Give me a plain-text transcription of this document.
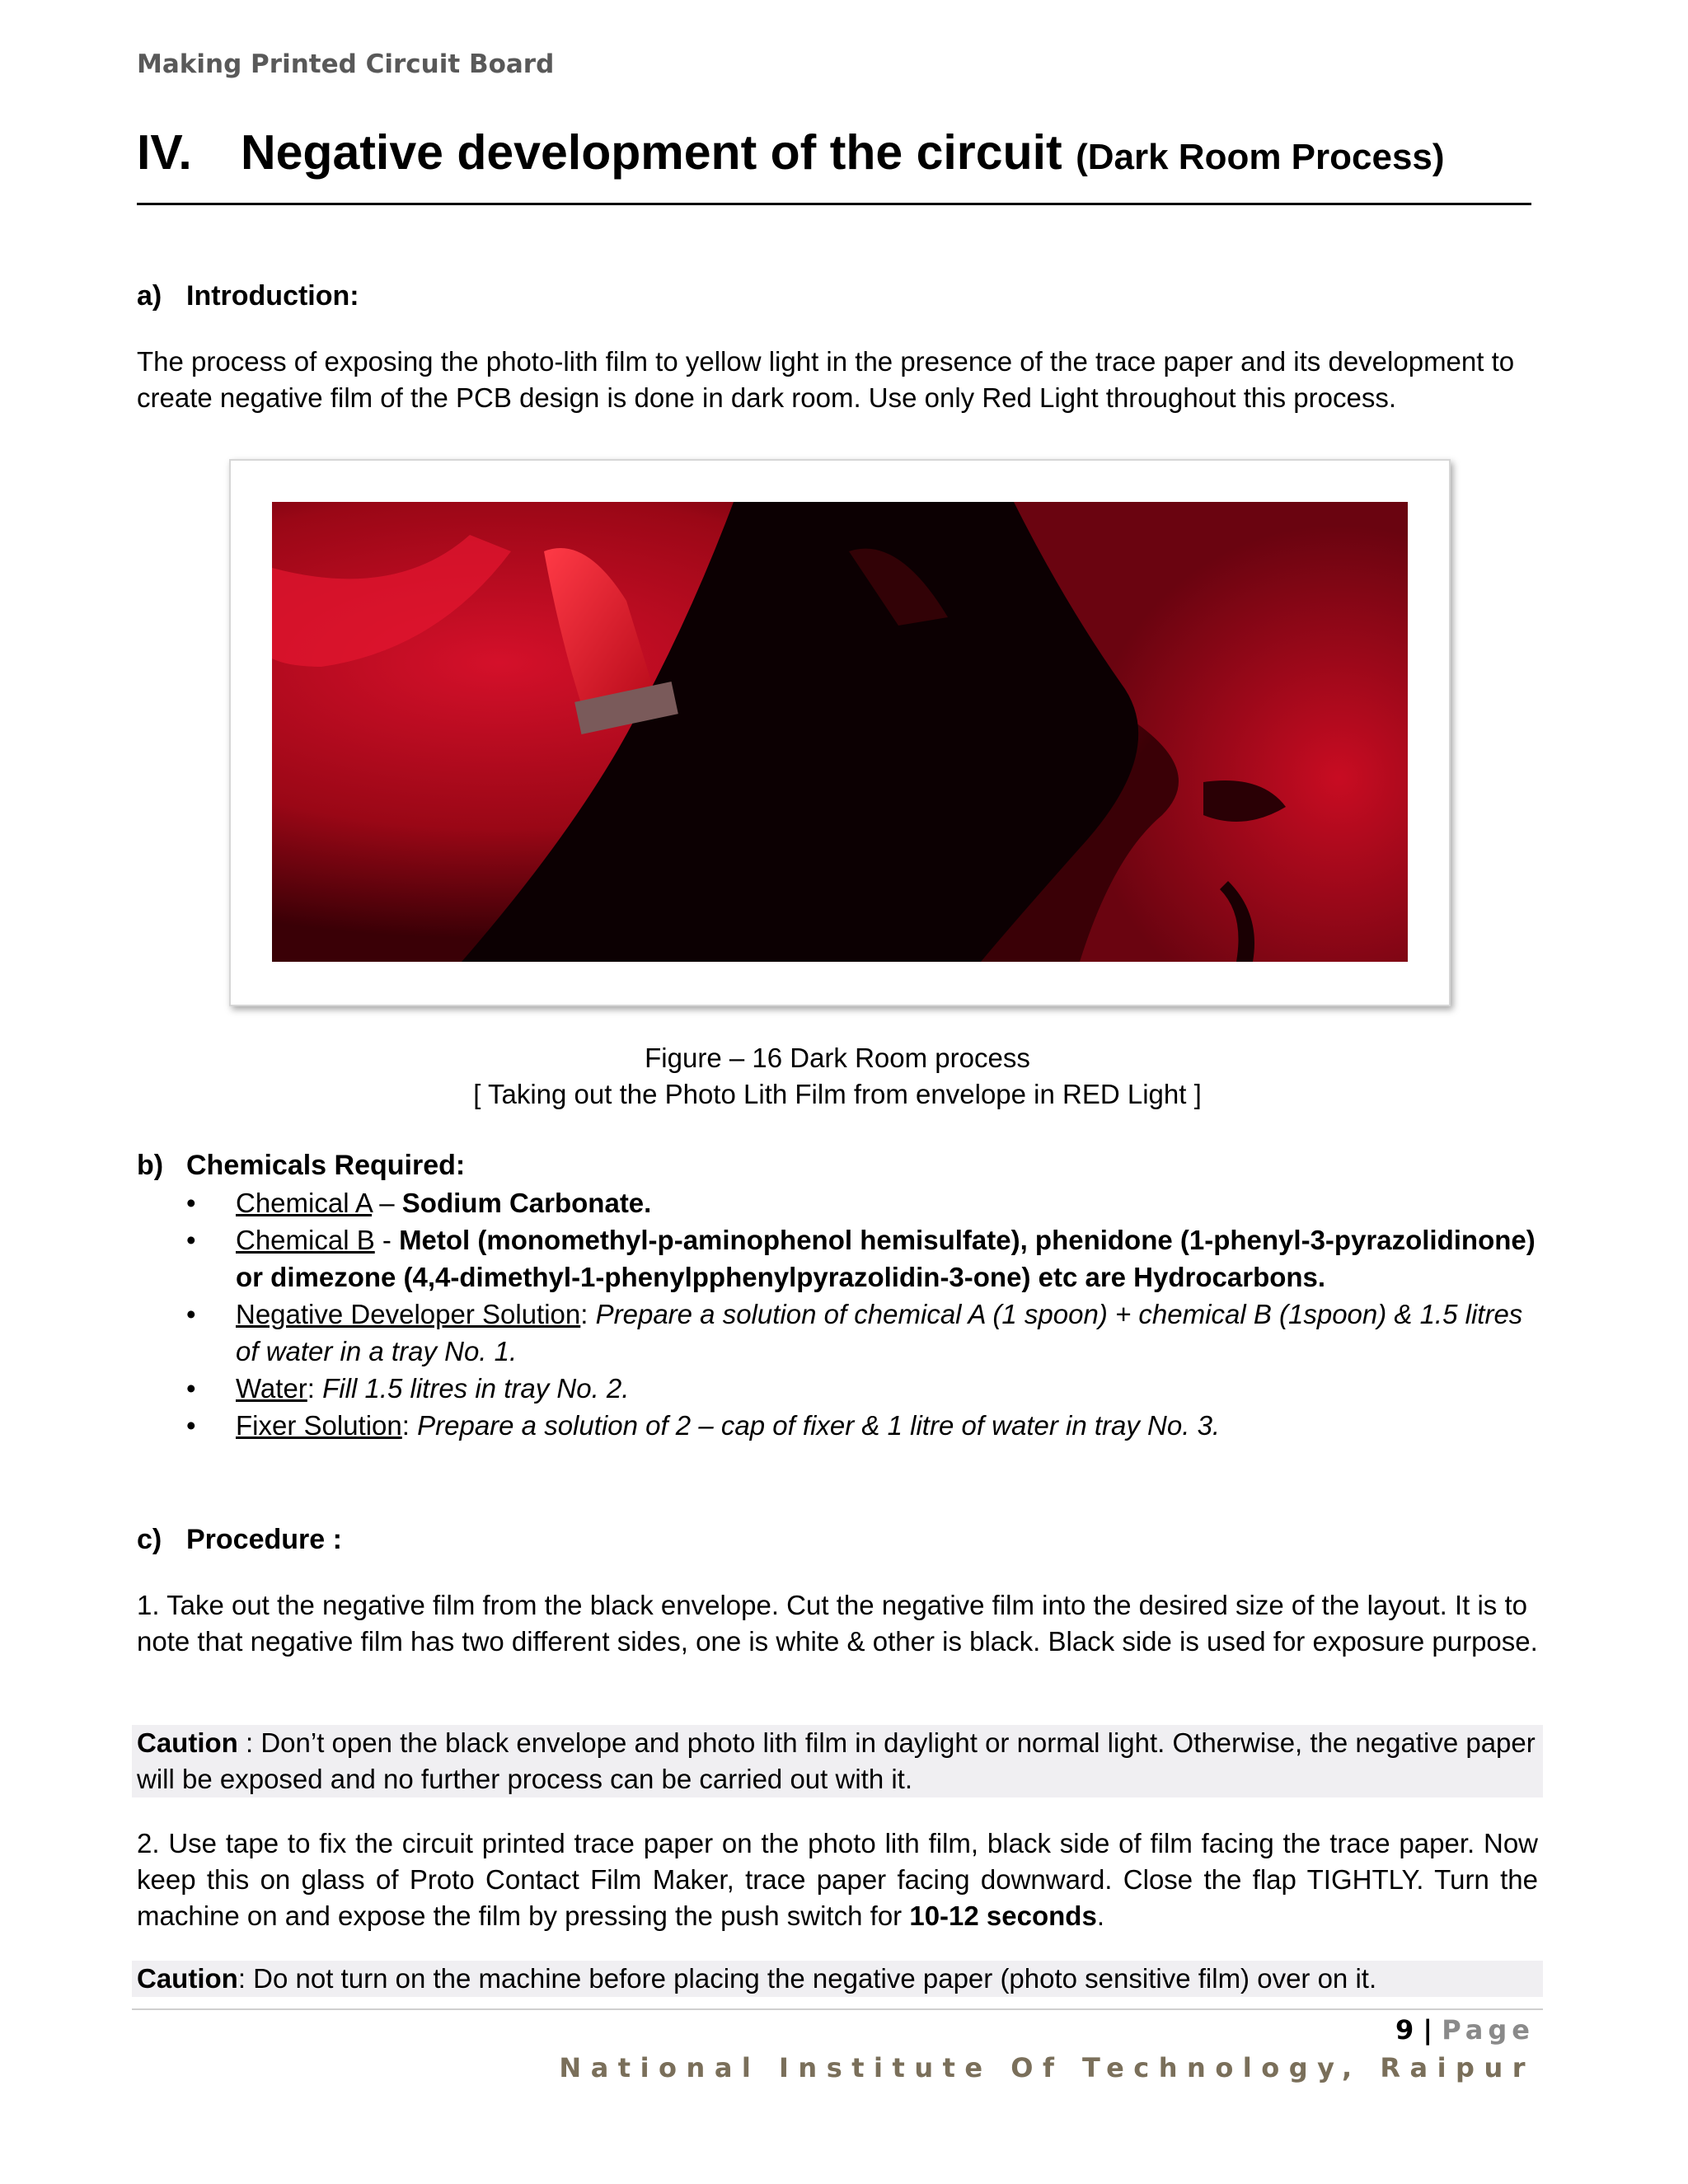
Making Printed Circuit Board
IV. Negative development of the circuit (Dark Room Process)
a) Introduction:
The process of exposing the photo-lith film to yellow light in the presence of the trace paper and its development to create negative film of the PCB design is done in dark room. Use only Red Light throughout this process.
Figure – 16 Dark Room process
[ Taking out the Photo Lith Film from envelope in RED Light ]
b) Chemicals Required:
• Chemical A – Sodium Carbonate.
• Chemical B - Metol (monomethyl-p-aminophenol hemisulfate), phenidone (1-phenyl-3-pyrazolidinone) or dimezone (4,4-dimethyl-1-phenylpphenylpyrazolidin-3-one) etc are Hydrocarbons.
• Negative Developer Solution: Prepare a solution of chemical A (1 spoon) + chemical B (1spoon) & 1.5 litres of water in a tray No. 1.
• Water: Fill 1.5 litres in tray No. 2.
• Fixer Solution: Prepare a solution of 2 – cap of fixer & 1 litre of water in tray No. 3.
c) Procedure :
1. Take out the negative film from the black envelope. Cut the negative film into the desired size of the layout. It is to note that negative film has two different sides, one is white & other is black. Black side is used for exposure purpose.
Caution : Don’t open the black envelope and photo lith film in daylight or normal light. Otherwise, the negative paper will be exposed and no further process can be carried out with it.
2. Use tape to fix the circuit printed trace paper on the photo lith film, black side of film facing the trace paper. Now keep this on glass of Proto Contact Film Maker, trace paper facing downward. Close the flap TIGHTLY. Turn the machine on and expose the film by pressing the push switch for 10-12 seconds.
Caution: Do not turn on the machine before placing the negative paper (photo sensitive film) over on it.
9 | Page
National Institute Of Technology, Raipur
